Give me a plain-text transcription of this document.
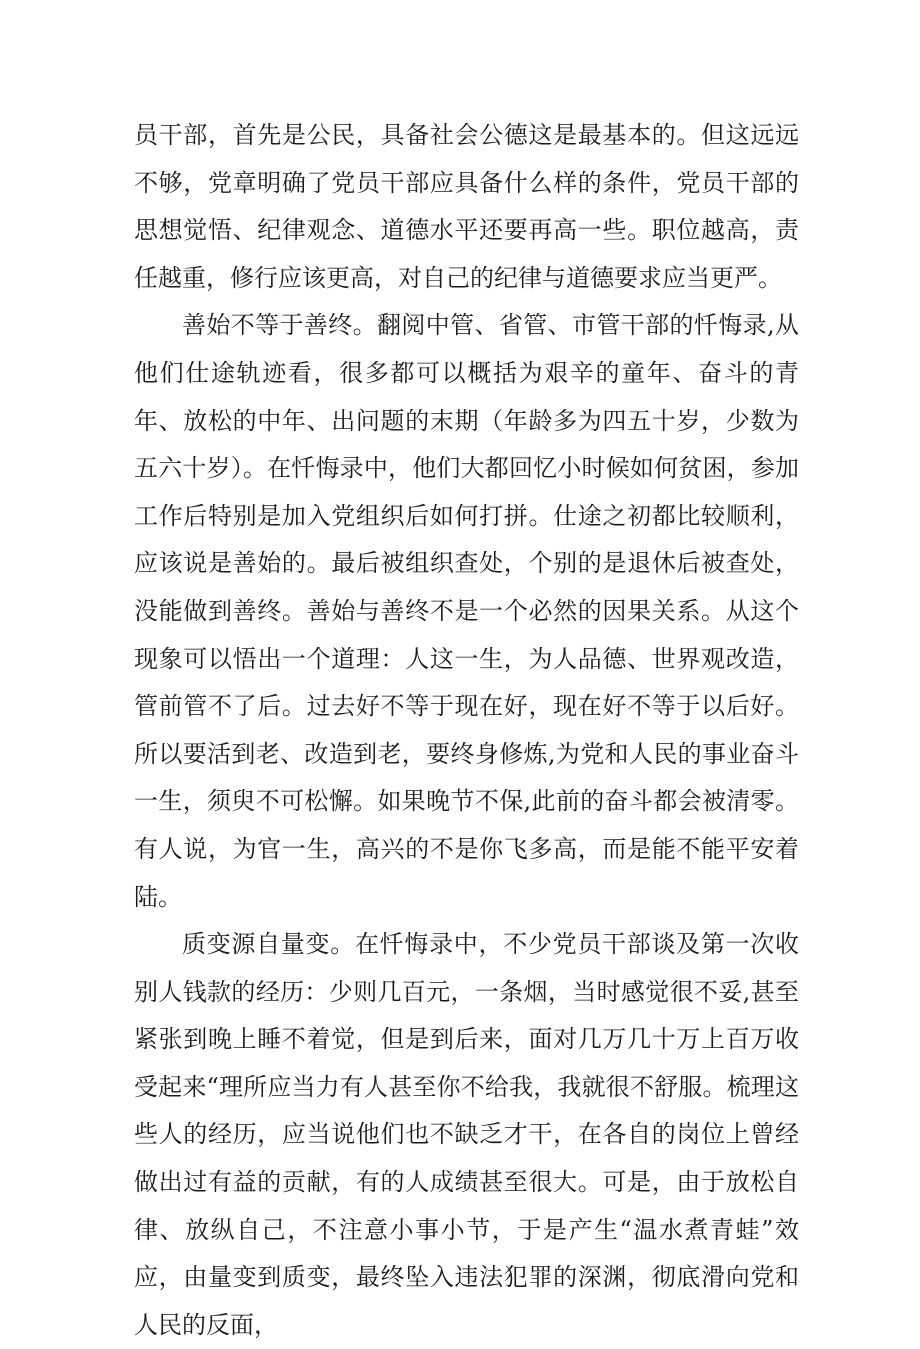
员干部，首先是公民，具备社会公德这是最基本的。但这远远不够，党章明确了党员干部应具备什么样的条件，党员干部的思想觉悟、纪律观念、道德水平还要再高一些。职位越高，责任越重，修行应该更高，对自己的纪律与道德要求应当更严。

善始不等于善终。翻阅中管、省管、市管干部的忏悔录,从他们仕途轨迹看，很多都可以概括为艰辛的童年、奋斗的青年、放松的中年、出问题的末期（年龄多为四五十岁，少数为五六十岁）。在忏悔录中，他们大都回忆小时候如何贫困，参加工作后特别是加入党组织后如何打拼。仕途之初都比较顺利，应该说是善始的。最后被组织查处，个别的是退休后被查处，没能做到善终。善始与善终不是一个必然的因果关系。从这个现象可以悟出一个道理：人这一生，为人品德、世界观改造，管前管不了后。过去好不等于现在好，现在好不等于以后好。所以要活到老、改造到老，要终身修炼,为党和人民的事业奋斗一生，须臾不可松懈。如果晚节不保,此前的奋斗都会被清零。有人说，为官一生，高兴的不是你飞多高，而是能不能平安着陆。

质变源自量变。在忏悔录中，不少党员干部谈及第一次收别人钱款的经历：少则几百元，一条烟，当时感觉很不妥,甚至紧张到晚上睡不着觉，但是到后来，面对几万几十万上百万收受起来“理所应当力有人甚至你不给我，我就很不舒服。梳理这些人的经历，应当说他们也不缺乏才干，在各自的岗位上曾经做出过有益的贡献，有的人成绩甚至很大。可是，由于放松自律、放纵自己，不注意小事小节，于是产生“温水煮青蛙”效应，由量变到质变，最终坠入违法犯罪的深渊，彻底滑向党和人民的反面，
